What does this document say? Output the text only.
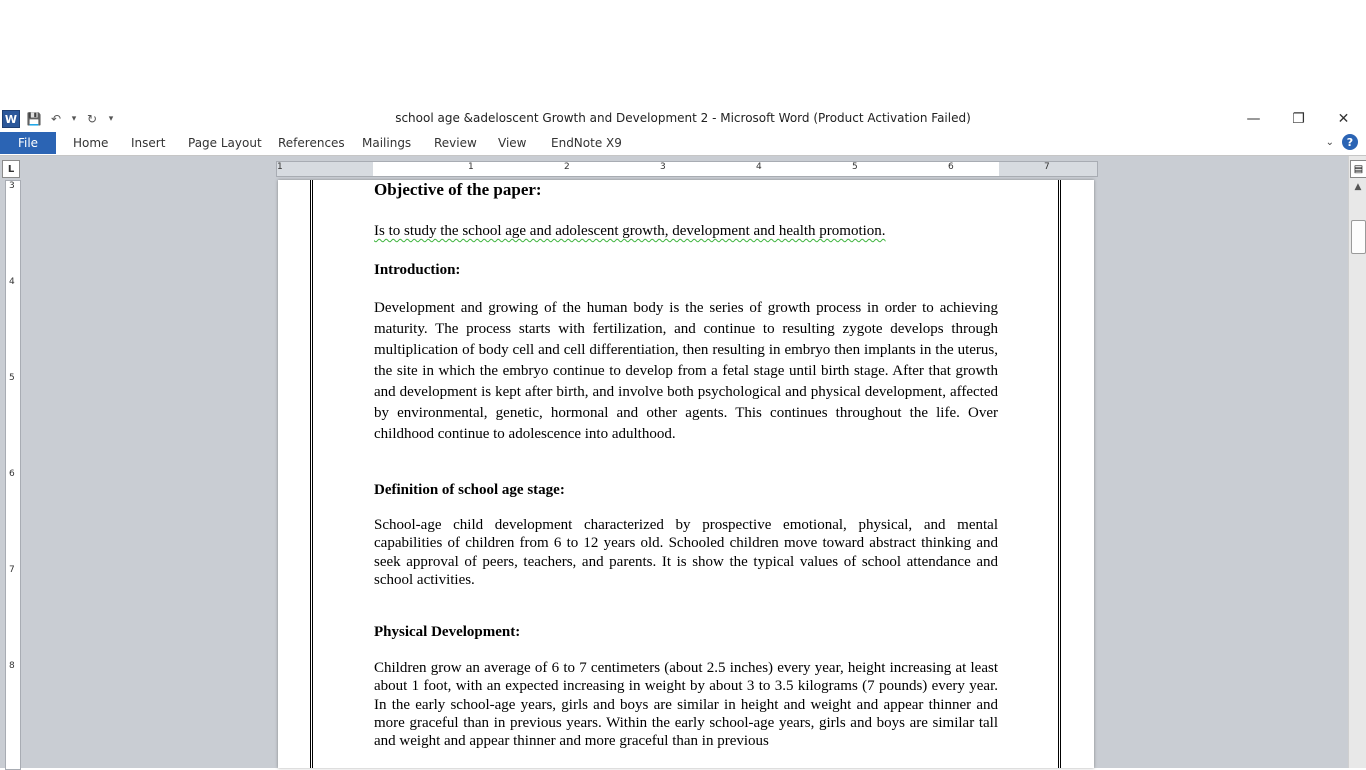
W 💾 ↶	▾ ↻	▾	school age &adeloscent Growth and Development 2 - Microsoft Word (Product Activation Failed)	—	❐	✕
File	Home Insert Page Layout References Mailings Review View EndNote X9	⌄	?
L	1	1	2	3	4	5	6	7
3
4
5
6
7
8
Objective of the paper:
Is to study the school age and adolescent growth, development and health promotion.
Introduction:
Development and growing of the human body is the series of growth process in order to achieving maturity. The process starts with fertilization, and continue to resulting zygote develops through multiplication of body cell and cell differentiation, then resulting in embryo then implants in the uterus, the site in which the embryo continue to develop from a fetal stage until birth stage. After that growth and development is kept after birth, and involve both psychological and physical development, affected by environmental, genetic, hormonal and other agents. This continues throughout the life. Over childhood continue to adolescence into adulthood.
Definition of school age stage:
School-age child development characterized by prospective emotional, physical, and mental capabilities of children from 6 to 12 years old. Schooled children move toward abstract thinking and seek approval of peers, teachers, and parents. It is show the typical values of school attendance and school activities.
Physical Development:
Children grow an average of 6 to 7 centimeters (about 2.5 inches) every year, height increasing at least about 1 foot, with an expected increasing in weight by about 3 to 3.5 kilograms (7 pounds) every year. In the early school-age years, girls and boys are similar in height and weight and appear thinner and more graceful than in previous years. Within the early school-age years, girls and boys are similar tall and weight and appear thinner and more graceful than in previous
▤
▲
